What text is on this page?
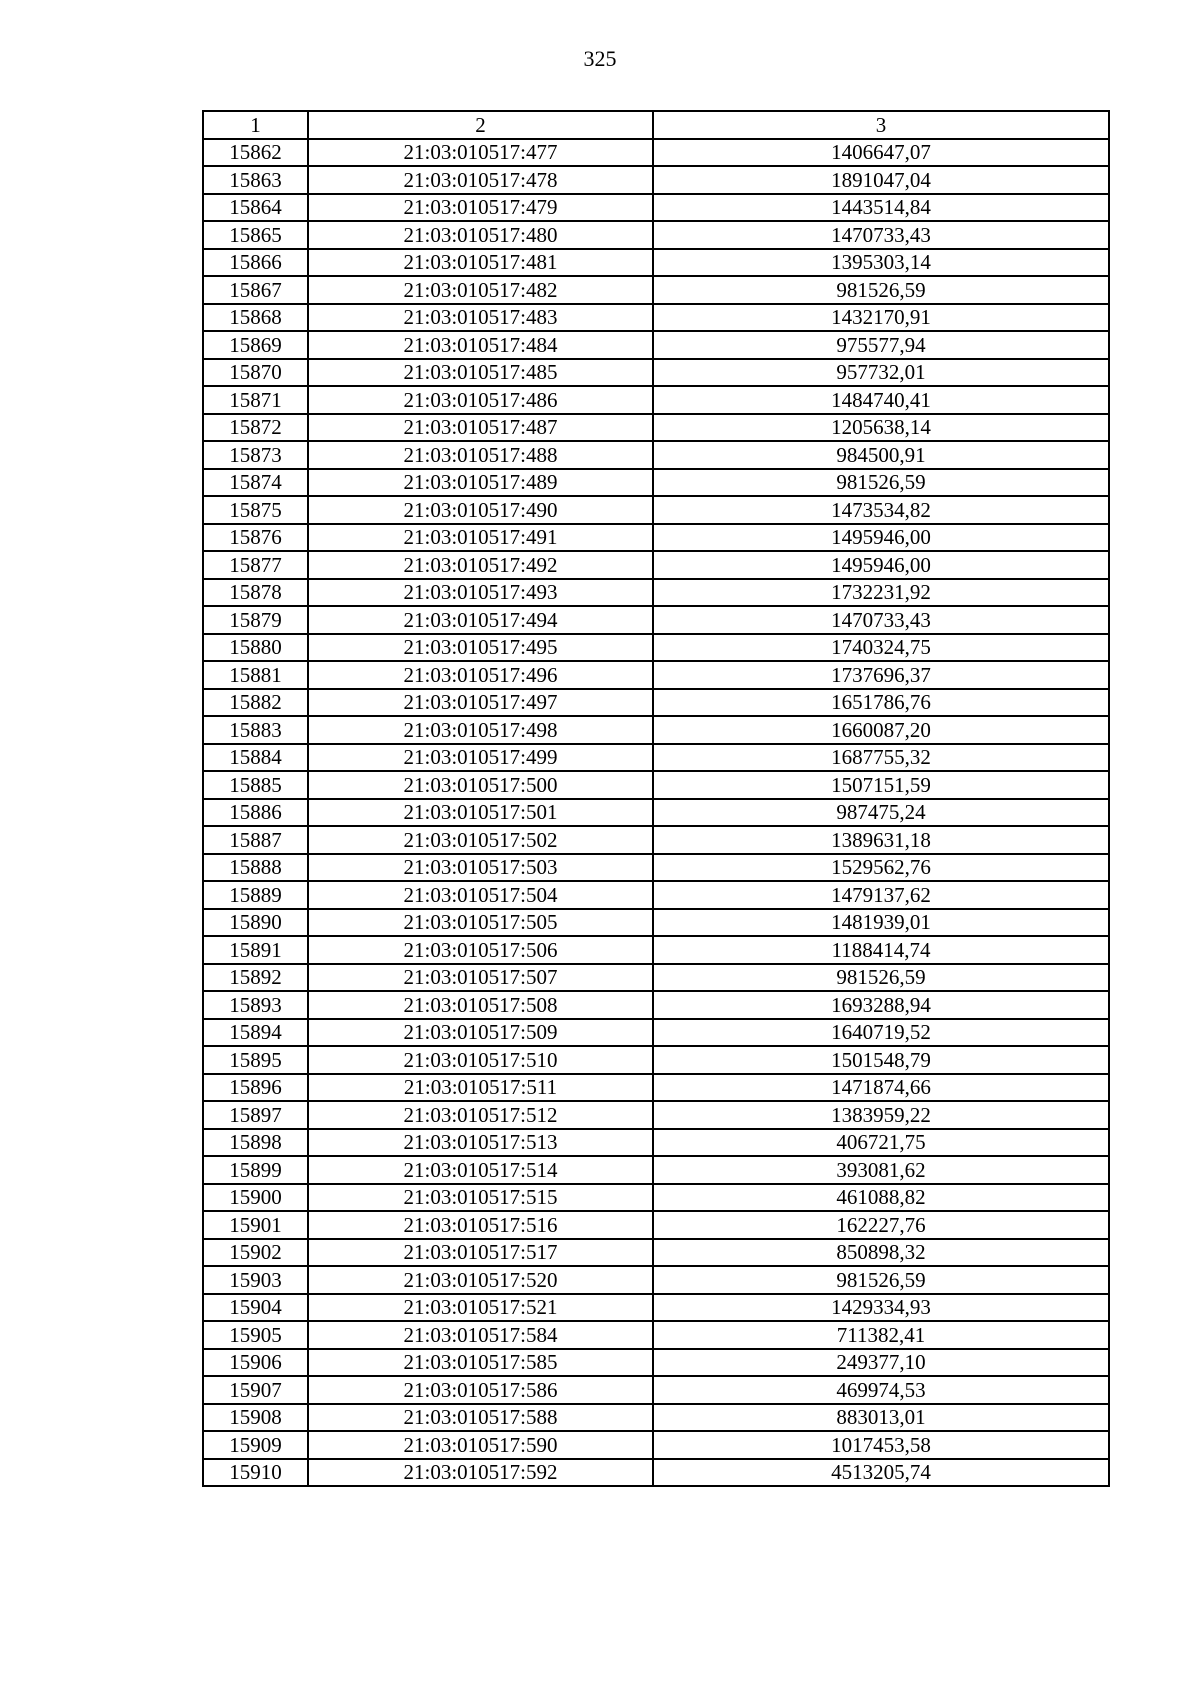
325
1	2	3
15862	21:03:010517:477	1406647,07
15863	21:03:010517:478	1891047,04
15864	21:03:010517:479	1443514,84
15865	21:03:010517:480	1470733,43
15866	21:03:010517:481	1395303,14
15867	21:03:010517:482	981526,59
15868	21:03:010517:483	1432170,91
15869	21:03:010517:484	975577,94
15870	21:03:010517:485	957732,01
15871	21:03:010517:486	1484740,41
15872	21:03:010517:487	1205638,14
15873	21:03:010517:488	984500,91
15874	21:03:010517:489	981526,59
15875	21:03:010517:490	1473534,82
15876	21:03:010517:491	1495946,00
15877	21:03:010517:492	1495946,00
15878	21:03:010517:493	1732231,92
15879	21:03:010517:494	1470733,43
15880	21:03:010517:495	1740324,75
15881	21:03:010517:496	1737696,37
15882	21:03:010517:497	1651786,76
15883	21:03:010517:498	1660087,20
15884	21:03:010517:499	1687755,32
15885	21:03:010517:500	1507151,59
15886	21:03:010517:501	987475,24
15887	21:03:010517:502	1389631,18
15888	21:03:010517:503	1529562,76
15889	21:03:010517:504	1479137,62
15890	21:03:010517:505	1481939,01
15891	21:03:010517:506	1188414,74
15892	21:03:010517:507	981526,59
15893	21:03:010517:508	1693288,94
15894	21:03:010517:509	1640719,52
15895	21:03:010517:510	1501548,79
15896	21:03:010517:511	1471874,66
15897	21:03:010517:512	1383959,22
15898	21:03:010517:513	406721,75
15899	21:03:010517:514	393081,62
15900	21:03:010517:515	461088,82
15901	21:03:010517:516	162227,76
15902	21:03:010517:517	850898,32
15903	21:03:010517:520	981526,59
15904	21:03:010517:521	1429334,93
15905	21:03:010517:584	711382,41
15906	21:03:010517:585	249377,10
15907	21:03:010517:586	469974,53
15908	21:03:010517:588	883013,01
15909	21:03:010517:590	1017453,58
15910	21:03:010517:592	4513205,74
